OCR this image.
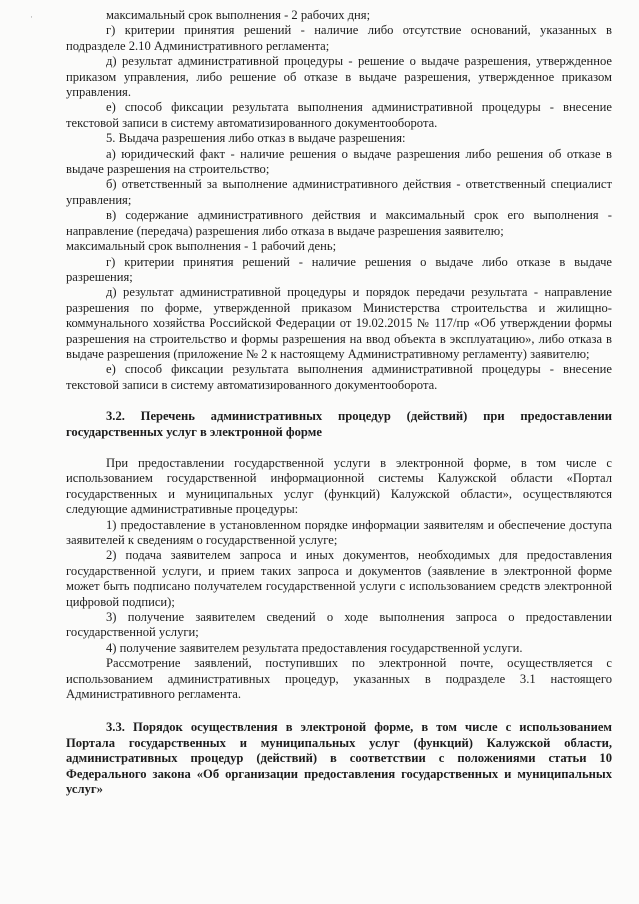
·	максимальный срок выполнения - 2 рабочих дня;

г) критерии принятия решений - наличие либо отсутствие оснований, указанных в подразделе 2.10 Административного регламента;

д) результат административной процедуры - решение о выдаче разрешения, утвержденное приказом управления, либо решение об отказе в выдаче разрешения, утвержденное приказом управления.

е) способ фиксации результата выполнения административной процедуры - внесение текстовой записи в систему автоматизированного документооборота.

5. Выдача разрешения либо отказ в выдаче разрешения:

а) юридический факт - наличие решения о выдаче разрешения либо решения об отказе в выдаче разрешения на строительство;

б) ответственный за выполнение административного действия - ответственный специалист управления;

в) содержание административного действия и максимальный срок его выполнения - направление (передача) разрешения либо отказа в выдаче разрешения заявителю;

максимальный срок выполнения - 1 рабочий день;

г) критерии принятия решений - наличие решения о выдаче либо отказе в выдаче разрешения;

д) результат административной процедуры и порядок передачи результата - направление разрешения по форме, утвержденной приказом Министерства строительства и жилищно-коммунального хозяйства Российской Федерации от 19.02.2015 № 117/пр «Об утверждении формы разрешения на строительство и формы разрешения на ввод объекта в эксплуатацию», либо отказа в выдаче разрешения (приложение № 2 к настоящему Административному регламенту) заявителю;

е) способ фиксации результата выполнения административной процедуры - внесение текстовой записи в систему автоматизированного документооборота.

3.2. Перечень административных процедур (действий) при предоставлении государственных услуг в электронной форме

При предоставлении государственной услуги в электронной форме, в том числе с использованием государственной информационной системы Калужской области «Портал государственных и муниципальных услуг (функций) Калужской области», осуществляются следующие административные процедуры:

1) предоставление в установленном порядке информации заявителям и обеспечение доступа заявителей к сведениям о государственной услуге;

2) подача заявителем запроса и иных документов, необходимых для предоставления государственной услуги, и прием таких запроса и документов (заявление в электронной форме может быть подписано получателем государственной услуги с использованием средств электронной цифровой подписи);

3) получение заявителем сведений о ходе выполнения запроса о предоставлении государственной услуги;

4) получение заявителем результата предоставления государственной услуги.

Рассмотрение заявлений, поступивших по электронной почте, осуществляется с использованием административных процедур, указанных в подразделе 3.1 настоящего Административного регламента.

3.3. Порядок осуществления в электроной форме, в том числе с использованием Портала государственных и муниципальных услуг (функций) Калужской области, административных процедур (действий) в соответствии с положениями статьи 10 Федерального закона «Об организации предоставления государственных и муниципальных услуг»
